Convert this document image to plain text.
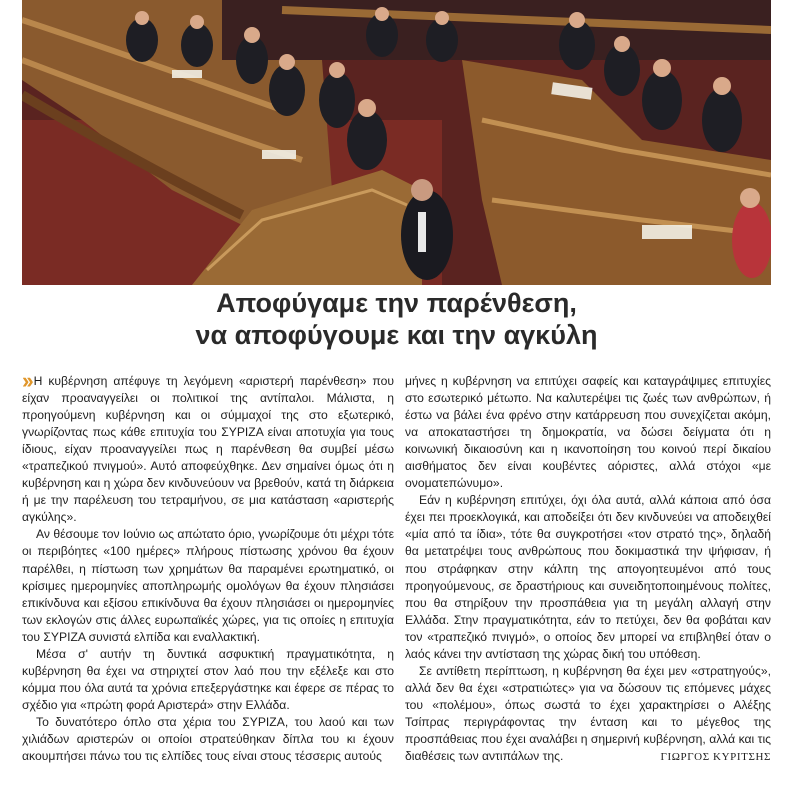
Αποφύγαμε την παρένθεση,
να αποφύγουμε και την αγκύλη

›› Η κυβέρνηση απέφυγε τη λεγόμενη «αριστερή παρένθεση» που είχαν προαναγγείλει οι πολιτικοί της αντίπαλοι. Μάλιστα, η προηγούμενη κυβέρνηση και οι σύμμαχοί της στο εξωτερικό, γνωρίζοντας πως κάθε επιτυχία του ΣΥΡΙΖΑ είναι αποτυχία για τους ίδιους, είχαν προαναγγείλει πως η παρένθεση θα συμβεί μέσω «τραπεζικού πνιγμού». Αυτό αποφεύχθηκε. Δεν σημαίνει όμως ότι η κυβέρνηση και η χώρα δεν κινδυνεύουν να βρεθούν, κατά τη διάρκεια ή με την παρέλευση του τετραμήνου, σε μια κατάσταση «αριστερής αγκύλης».

Αν θέσουμε τον Ιούνιο ως απώτατο όριο, γνωρίζουμε ότι μέχρι τότε οι περιβόητες «100 ημέρες» πλήρους πίστωσης χρόνου θα έχουν παρέλθει, η πίστωση των χρημάτων θα παραμένει ερωτηματικό, οι κρίσιμες ημερομηνίες αποπληρωμής ομολόγων θα έχουν πλησιάσει επικίνδυνα και εξίσου επικίνδυνα θα έχουν πλησιάσει οι ημερομηνίες των εκλογών στις άλλες ευρωπαϊκές χώρες, για τις οποίες η επιτυχία του ΣΥΡΙΖΑ συνιστά ελπίδα και εναλλακτική.

Μέσα σ' αυτήν τη δυντικά ασφυκτική πραγματικότητα, η κυβέρνηση θα έχει να στηριχτεί στον λαό που την εξέλεξε και στο κόμμα που όλα αυτά τα χρόνια επεξεργάστηκε και έφερε σε πέρας το σχέδιο για «πρώτη φορά Αριστερά» στην Ελλάδα.

Το δυνατότερο όπλο στα χέρια του ΣΥΡΙΖΑ, του λαού και των χιλιάδων αριστερών οι οποίοι στρατεύθηκαν δίπλα του κι έχουν ακουμπήσει πάνω του τις ελπίδες τους είναι στους τέσσερις αυτούς

μήνες η κυβέρνηση να επιτύχει σαφείς και καταγράψιμες επιτυχίες στο εσωτερικό μέτωπο. Να καλυτερέψει τις ζωές των ανθρώπων, ή έστω να βάλει ένα φρένο στην κατάρρευση που συνεχίζεται ακόμη, να αποκαταστήσει τη δημοκρατία, να δώσει δείγματα ότι η κοινωνική δικαιοσύνη και η ικανοποίηση του κοινού περί δικαίου αισθήματος δεν είναι κουβέντες αόριστες, αλλά στόχοι «με ονοματεπώνυμο».

Εάν η κυβέρνηση επιτύχει, όχι όλα αυτά, αλλά κάποια από όσα έχει πει προεκλογικά, και αποδείξει ότι δεν κινδυνεύει να αποδειχθεί «μία από τα ίδια», τότε θα συγκροτήσει «τον στρατό της», δηλαδή θα μετατρέψει τους ανθρώπους που δοκιμαστικά την ψήφισαν, ή που στράφηκαν στην κάλπη της απογοητευμένοι από τους προηγούμενους, σε δραστήριους και συνειδητοποιημένους πολίτες, που θα στηρίξουν την προσπάθεια για τη μεγάλη αλλαγή στην Ελλάδα. Στην πραγματικότητα, εάν το πετύχει, δεν θα φοβάται καν τον «τραπεζικό πνιγμό», ο οποίος δεν μπορεί να επιβληθεί όταν ο λαός κάνει την αντίσταση της χώρας δική του υπόθεση.

Σε αντίθετη περίπτωση, η κυβέρνηση θα έχει μεν «στρατηγούς», αλλά δεν θα έχει «στρατιώτες» για να δώσουν τις επόμενες μάχες του «πολέμου», όπως σωστά το έχει χαρακτηρίσει ο Αλέξης Τσίπρας περιγράφοντας την ένταση και το μέγεθος της προσπάθειας που έχει αναλάβει η σημερινή κυβέρνηση, αλλά και τις διαθέσεις των αντιπάλων της.	ΓΙΩΡΓΟΣ ΚΥΡΙΤΣΗΣ
